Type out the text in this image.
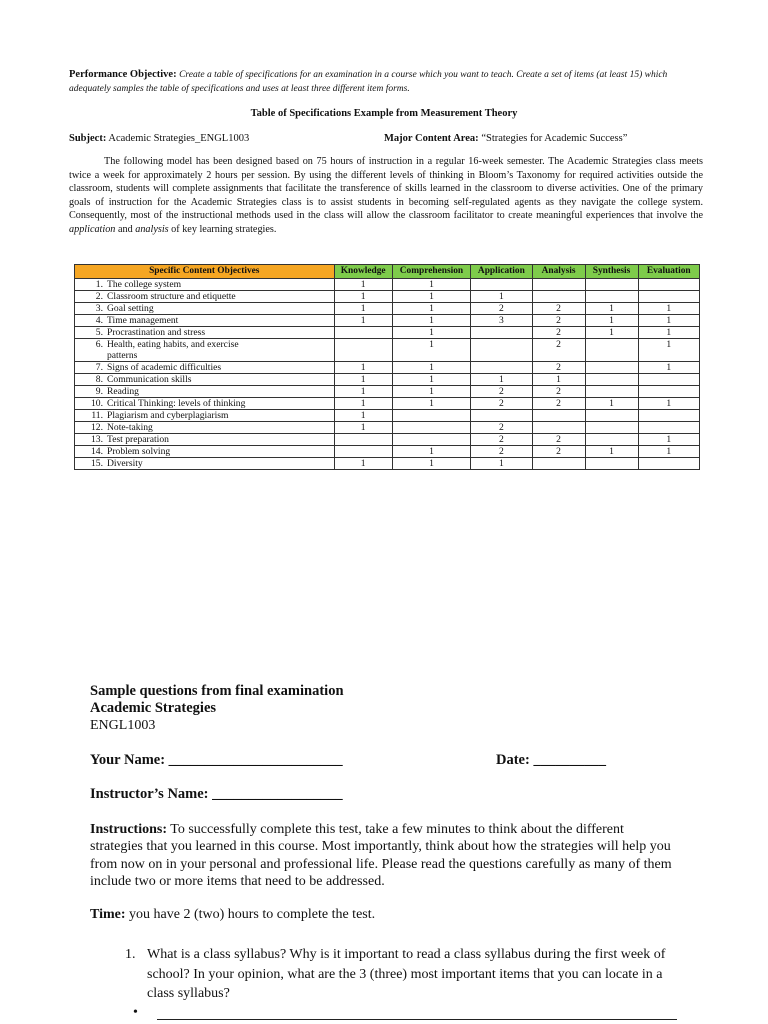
Performance Objective: Create a table of specifications for an examination in a course which you want to teach. Create a set of items (at least 15) which adequately samples the table of specifications and uses at least three different item forms.
Table of Specifications Example from Measurement Theory
Subject: Academic Strategies_ENGL1003	Major Content Area: “Strategies for Academic Success”
The following model has been designed based on 75 hours of instruction in a regular 16-week semester. The Academic Strategies class meets twice a week for approximately 2 hours per session. By using the different levels of thinking in Bloom’s Taxonomy for required activities outside the classroom, students will complete assignments that facilitate the transference of skills learned in the classroom to diverse activities. One of the primary goals of instruction for the Academic Strategies class is to assist students in becoming self-regulated agents as they navigate the college system. Consequently, most of the instructional methods used in the class will allow the classroom facilitator to create meaningful experiences that involve the application and analysis of key learning strategies.
Specific Content Objectives	Knowledge	Comprehension	Application	Analysis	Synthesis	Evaluation
1. The college system	1	1				
2. Classroom structure and etiquette	1	1	1			
3. Goal setting	1	1	2	2	1	1
4. Time management	1	1	3	2	1	1
5. Procrastination and stress		1		2	1	1
6. Health, eating habits, and exercise
patterns		1		2		1
7. Signs of academic difficulties	1	1		2		1
8. Communication skills	1	1	1	1		
9. Reading	1	1	2	2		
10. Critical Thinking: levels of thinking	1	1	2	2	1	1
11. Plagiarism and cyberplagiarism	1					
12. Note-taking	1		2			
13. Test preparation			2	2		1
14. Problem solving		1	2	2	1	1
15. Diversity	1	1	1			
Sample questions from final examination
Academic Strategies
ENGL1003
Your Name: ________________________	Date: __________
Instructor’s Name: __________________
Instructions: To successfully complete this test, take a few minutes to think about the different strategies that you learned in this course. Most importantly, think about how the strategies will help you from now on in your personal and professional life. Please read the questions carefully as many of them include two or more items that need to be addressed.
Time: you have 2 (two) hours to complete the test.
1. What is a class syllabus? Why is it important to read a class syllabus during the first week of school? In your opinion, what are the 3 (three) most important items that you can locate in a class syllabus?
•
